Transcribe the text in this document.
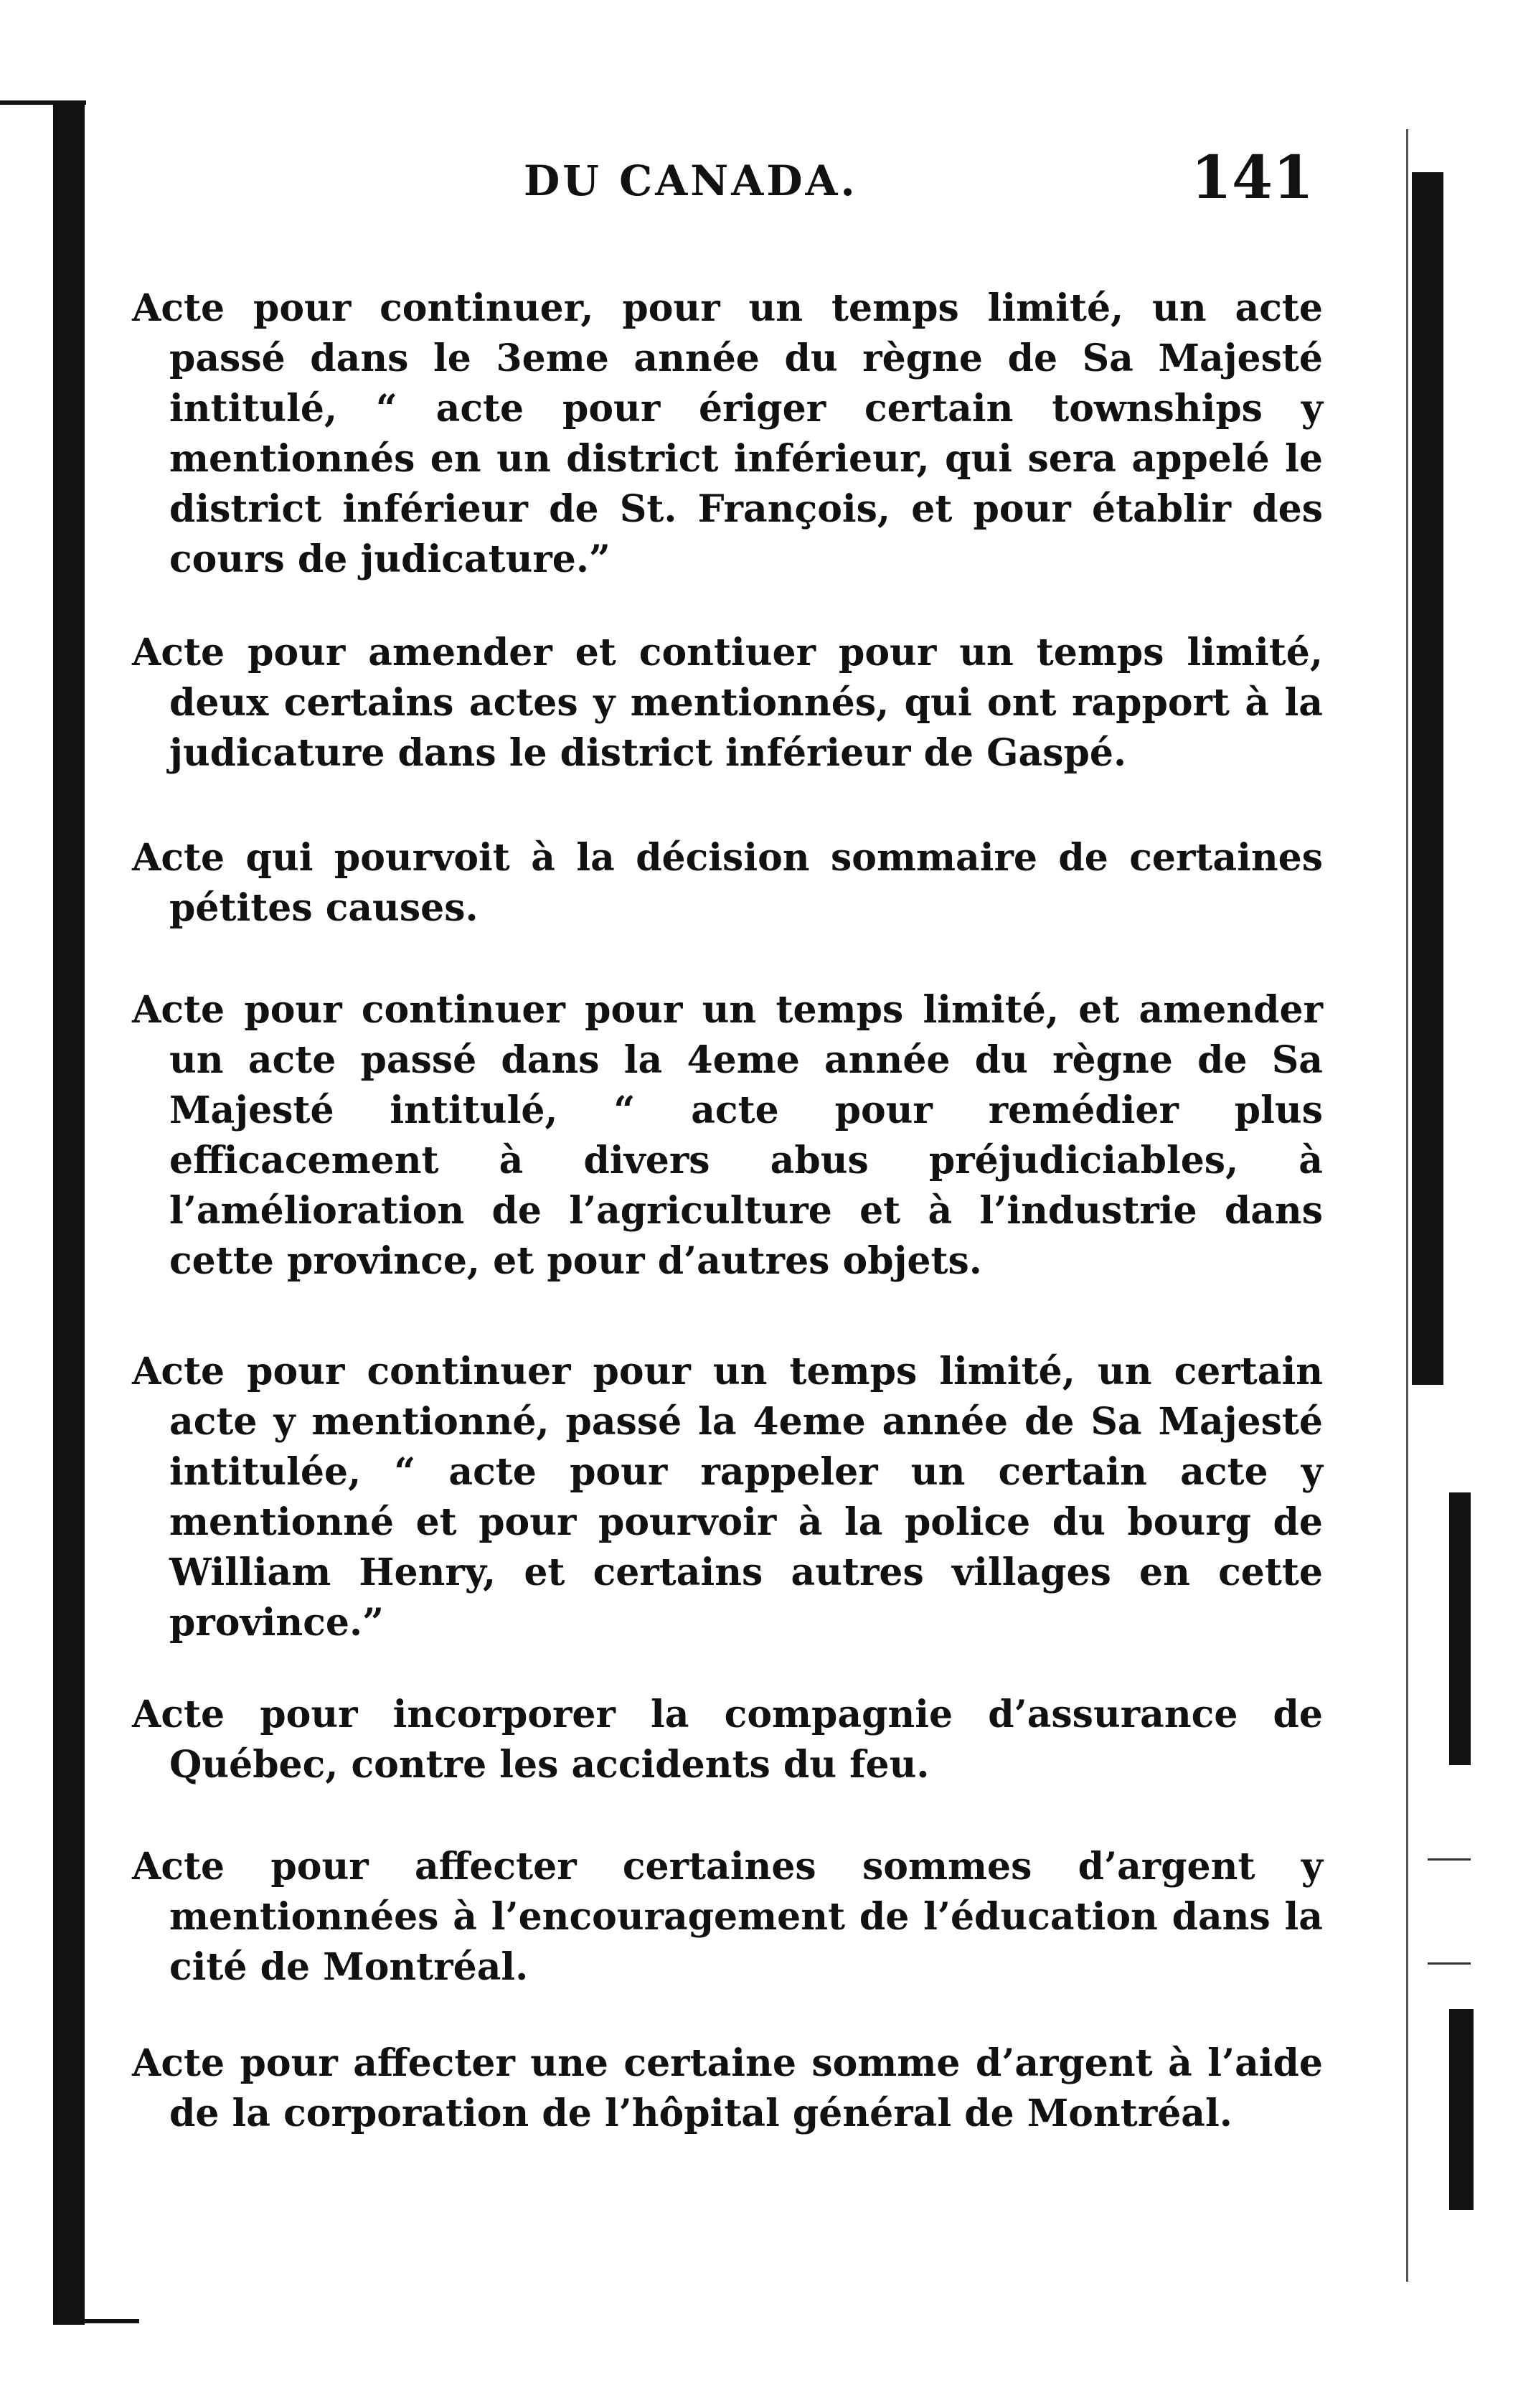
DU CANADA.	141

Acte pour continuer, pour un temps limité, un acte passé dans le 3eme année du règne de Sa Majesté intitulé, “ acte pour ériger certain townships y mentionnés en un district inférieur, qui sera appelé le district inférieur de St. François, et pour établir des cours de judicature.”

Acte pour amender et contiuer pour un temps limité, deux certains actes y mentionnés, qui ont rapport à la judicature dans le district inférieur de Gaspé.

Acte qui pourvoit à la décision sommaire de certaines pétites causes.

Acte pour continuer pour un temps limité, et amender un acte passé dans la 4eme année du règne de Sa Majesté intitulé, “ acte pour remédier plus efficacement à divers abus préjudiciables, à l’amélioration de l’agriculture et à l’industrie dans cette province, et pour d’autres objets.

Acte pour continuer pour un temps limité, un certain acte y mentionné, passé la 4eme année de Sa Majesté intitulée, “ acte pour rappeler un certain acte y mentionné et pour pourvoir à la police du bourg de William Henry, et certains autres villages en cette province.”

Acte pour incorporer la compagnie d’assurance de Québec, contre les accidents du feu.

Acte pour affecter certaines sommes d’argent y mentionnées à l’encouragement de l’éducation dans la cité de Montréal.

Acte pour affecter une certaine somme d’argent à l’aide de la corporation de l’hôpital général de Montréal.
